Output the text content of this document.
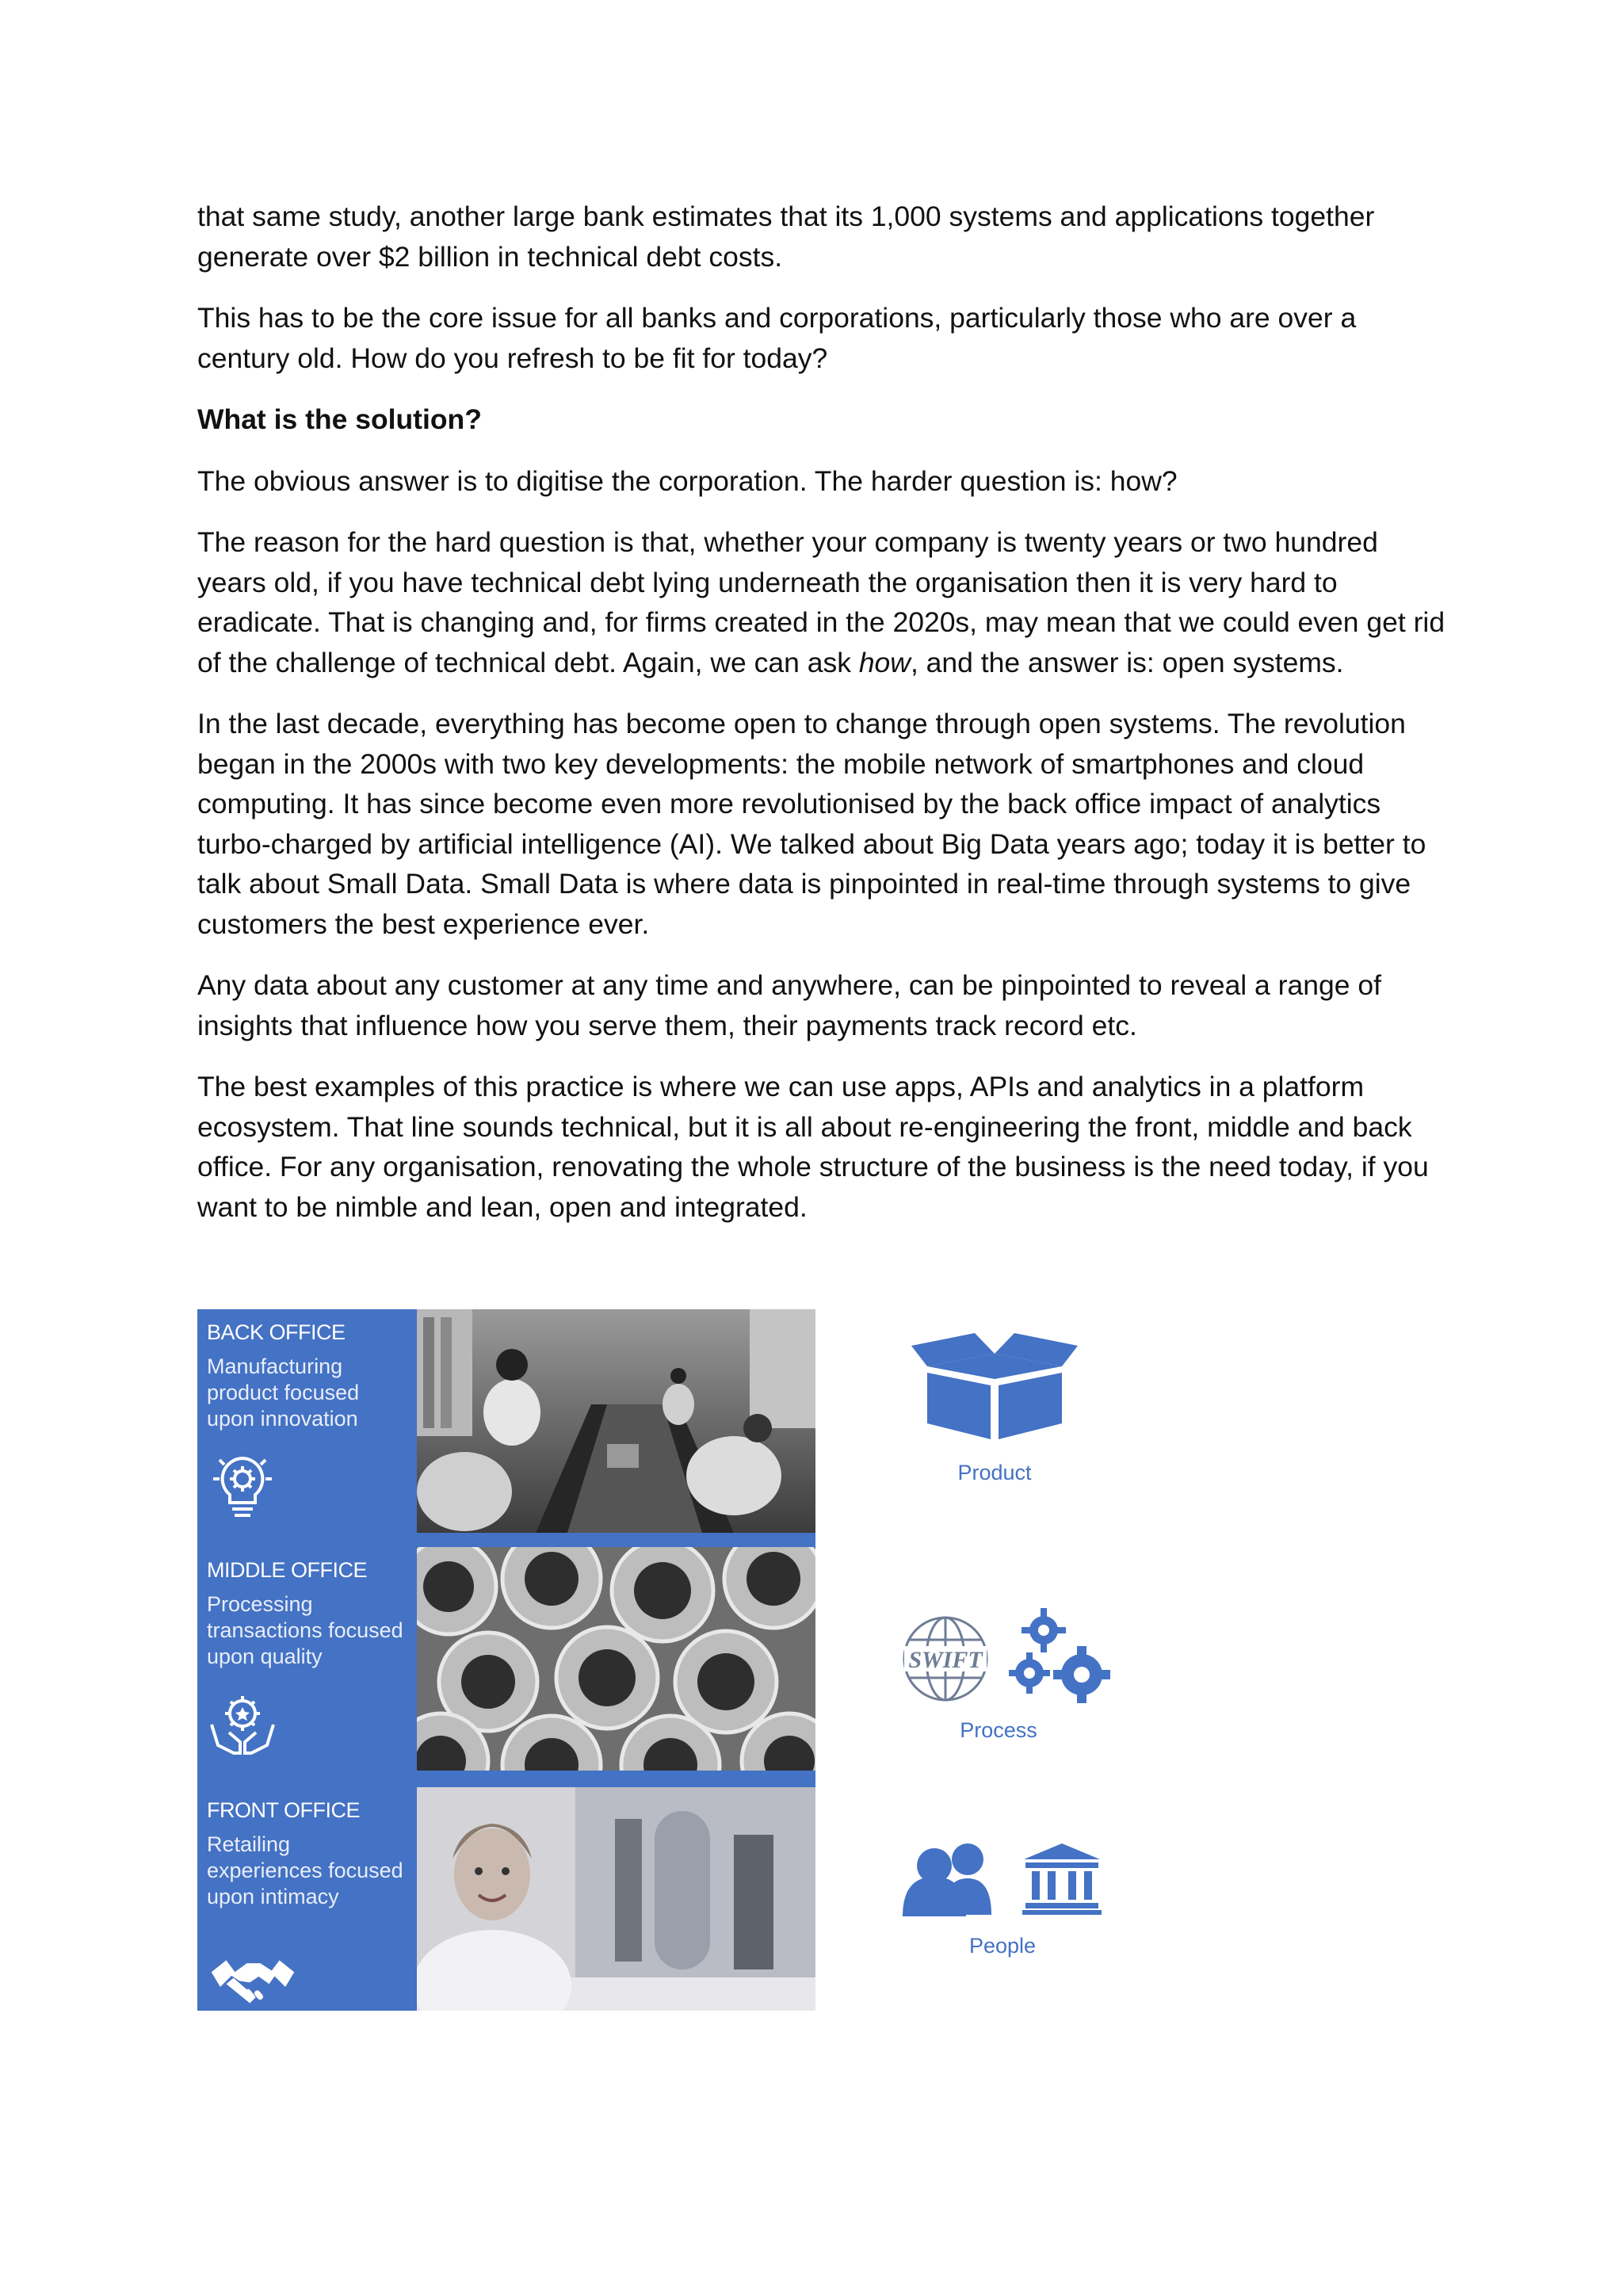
that same study, another large bank estimates that its 1,000 systems and applications together generate over $2 billion in technical debt costs.

This has to be the core issue for all banks and corporations, particularly those who are over a century old. How do you refresh to be fit for today?

What is the solution?

The obvious answer is to digitise the corporation. The harder question is: how?

The reason for the hard question is that, whether your company is twenty years or two hundred years old, if you have technical debt lying underneath the organisation then it is very hard to eradicate. That is changing and, for firms created in the 2020s, may mean that we could even get rid of the challenge of technical debt. Again, we can ask how, and the answer is: open systems.

In the last decade, everything has become open to change through open systems. The revolution began in the 2000s with two key developments: the mobile network of smartphones and cloud computing. It has since become even more revolutionised by the back office impact of analytics turbo-charged by artificial intelligence (AI). We talked about Big Data years ago; today it is better to talk about Small Data. Small Data is where data is pinpointed in real-time through systems to give customers the best experience ever.

Any data about any customer at any time and anywhere, can be pinpointed to reveal a range of insights that influence how you serve them, their payments track record etc.

The best examples of this practice is where we can use apps, APIs and analytics in a platform ecosystem. That line sounds technical, but it is all about re-engineering the front, middle and back office. For any organisation, renovating the whole structure of the business is the need today, if you want to be nimble and lean, open and integrated.

BACK OFFICE
Manufacturing
product focused
upon innovation
MIDDLE OFFICE
Processing
transactions focused
upon quality
FRONT OFFICE
Retailing
experiences focused
upon intimacy
Product
SWIFT
Process
People
